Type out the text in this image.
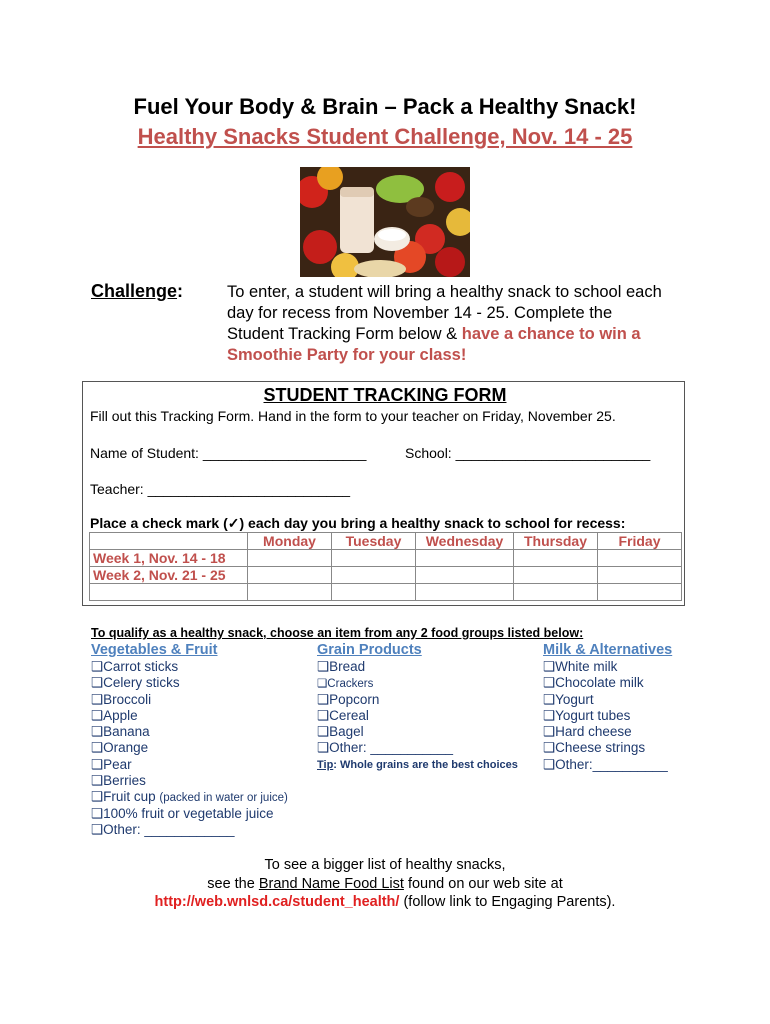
Fuel Your Body & Brain – Pack a Healthy Snack!
Healthy Snacks Student Challenge, Nov. 14 - 25
Challenge:	To enter, a student will bring a healthy snack to school each day for recess from November 14 - 25. Complete the Student Tracking Form below & have a chance to win a Smoothie Party for your class!
STUDENT TRACKING FORM
Fill out this Tracking Form. Hand in the form to your teacher on Friday, November 25.
Name of Student: _____________________	School: _________________________
Teacher: __________________________
Place a check mark (✓) each day you bring a healthy snack to school for recess:
	Monday	Tuesday	Wednesday	Thursday	Friday
Week 1, Nov. 14 - 18					
Week 2, Nov. 21 - 25					

To qualify as a healthy snack, choose an item from any 2 food groups listed below:
Vegetables & Fruit	Grain Products	Milk & Alternatives
❑Carrot sticks
❑Celery sticks
❑Broccoli
❑Apple
❑Banana
❑Orange
❑Pear
❑Berries
❑Fruit cup (packed in water or juice)
❑100% fruit or vegetable juice
❑Other: ____________
❑Bread
❑Crackers
❑Popcorn
❑Cereal
❑Bagel
❑Other: ___________
Tip: Whole grains are the best choices
❑White milk
❑Chocolate milk
❑Yogurt
❑Yogurt tubes
❑Hard cheese
❑Cheese strings
❑Other:__________
To see a bigger list of healthy snacks,
see the Brand Name Food List found on our web site at
http://web.wnlsd.ca/student_health/ (follow link to Engaging Parents).
